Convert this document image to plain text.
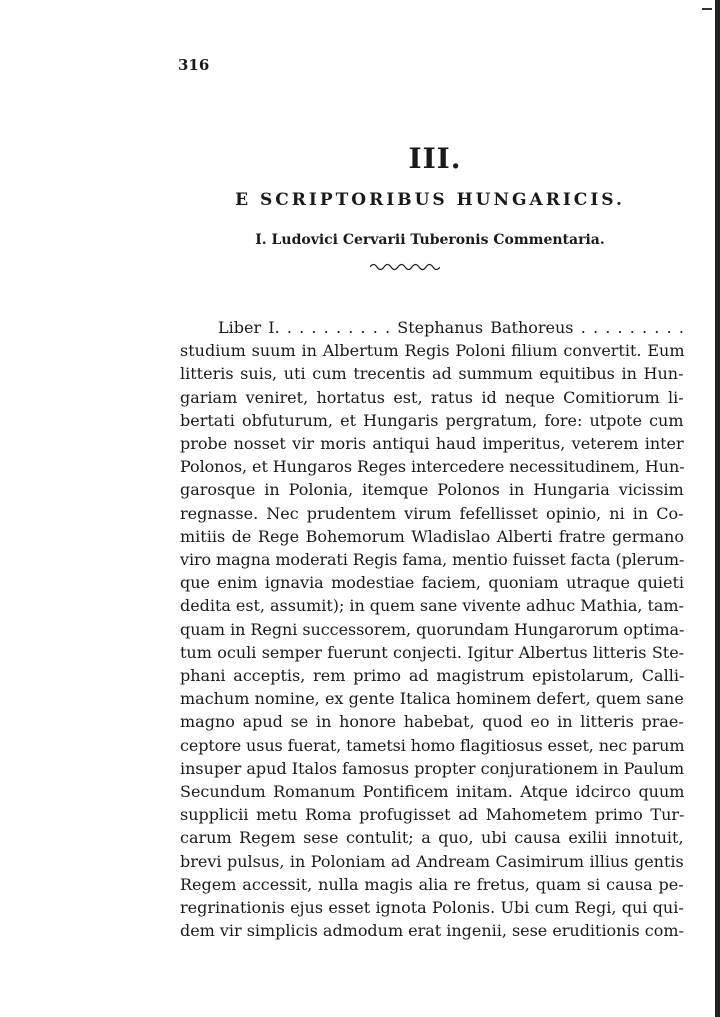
316
III.
E SCRIPTORIBUS HUNGARICIS.
I. Ludovici Cervarii Tuberonis Commentaria.
Liber I. . . . . . . . . . Stephanus Bathoreus . . . . . . . . .
studium suum in Albertum Regis Poloni filium convertit. Eum
litteris suis, uti cum trecentis ad summum equitibus in Hun-
gariam veniret, hortatus est, ratus id neque Comitiorum li-
bertati obfuturum, et Hungaris pergratum, fore: utpote cum
probe nosset vir moris antiqui haud imperitus, veterem inter
Polonos, et Hungaros Reges intercedere necessitudinem, Hun-
garosque in Polonia, itemque Polonos in Hungaria vicissim
regnasse. Nec prudentem virum fefellisset opinio, ni in Co-
mitiis de Rege Bohemorum Wladislao Alberti fratre germano
viro magna moderati Regis fama, mentio fuisset facta (plerum-
que enim ignavia modestiae faciem, quoniam utraque quieti
dedita est, assumit); in quem sane vivente adhuc Mathia, tam-
quam in Regni successorem, quorundam Hungarorum optima-
tum oculi semper fuerunt conjecti. Igitur Albertus litteris Ste-
phani acceptis, rem primo ad magistrum epistolarum, Calli-
machum nomine, ex gente Italica hominem defert, quem sane
magno apud se in honore habebat, quod eo in litteris prae-
ceptore usus fuerat, tametsi homo flagitiosus esset, nec parum
insuper apud Italos famosus propter conjurationem in Paulum
Secundum Romanum Pontificem initam. Atque idcirco quum
supplicii metu Roma profugisset ad Mahometem primo Tur-
carum Regem sese contulit; a quo, ubi causa exilii innotuit,
brevi pulsus, in Poloniam ad Andream Casimirum illius gentis
Regem accessit, nulla magis alia re fretus, quam si causa pe-
regrinationis ejus esset ignota Polonis. Ubi cum Regi, qui qui-
dem vir simplicis admodum erat ingenii, sese eruditionis com-
